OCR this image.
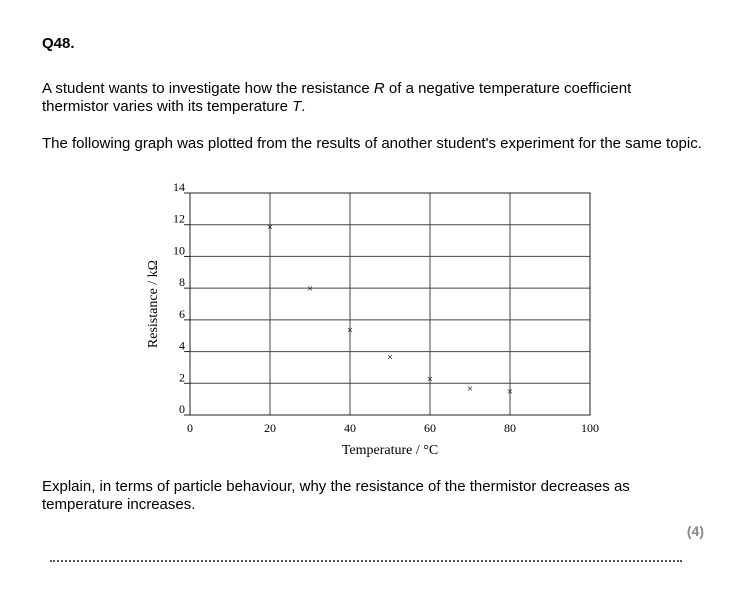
Q48.
A student wants to investigate how the resistance R of a negative temperature coefficient thermistor varies with its temperature T.
The following graph was plotted from the results of another student's experiment for the same topic.
0
2
4
6
8
10
12
14
0	20	40	60	80	100
×
×
×
×
×
×	×
Temperature / °C
Resistance / kΩ
Explain, in terms of particle behaviour, why the resistance of the thermistor decreases as temperature increases.
(4)
